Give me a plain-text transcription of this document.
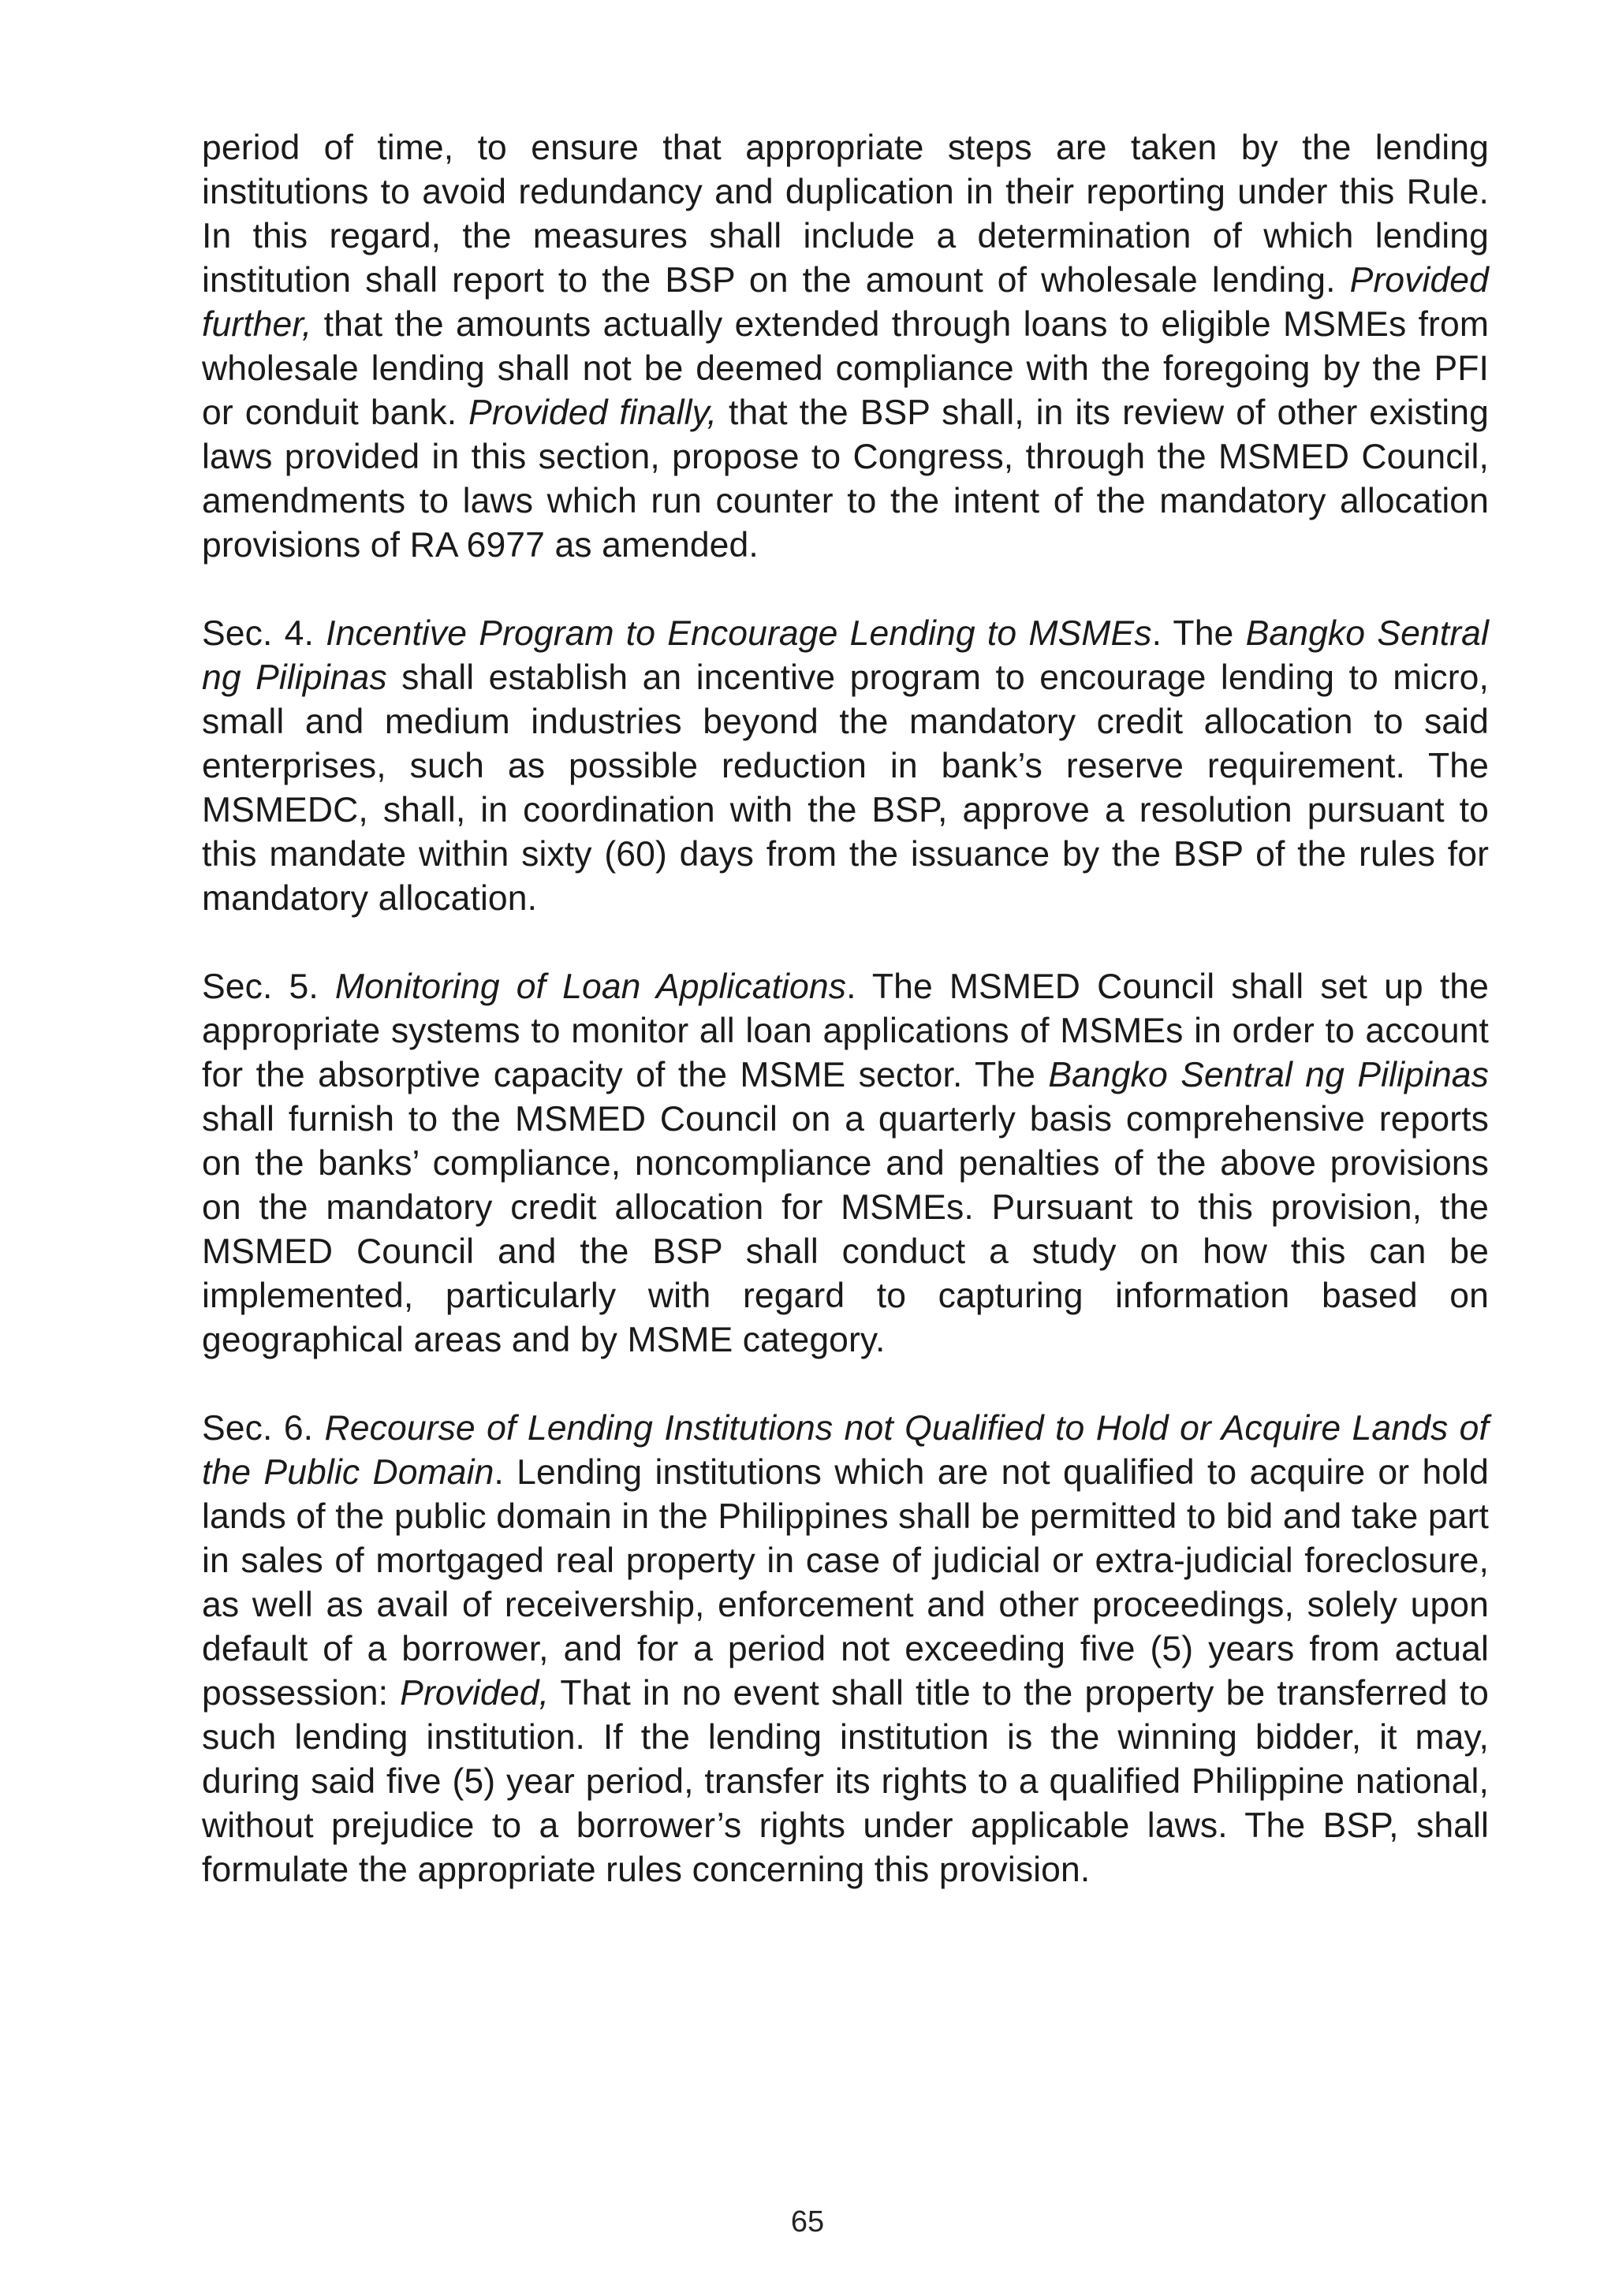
period of time, to ensure that appropriate steps are taken by the lending institutions to avoid redundancy and duplication in their reporting under this Rule. In this regard, the measures shall include a determination of which lending institution shall report to the BSP on the amount of wholesale lending. Provided further, that the amounts actually extended through loans to eligible MSMEs from wholesale lending shall not be deemed compliance with the foregoing by the PFI or conduit bank. Provided finally, that the BSP shall, in its review of other existing laws provided in this section, propose to Congress, through the MSMED Council, amendments to laws which run counter to the intent of the mandatory allocation provisions of RA 6977 as amended.

Sec. 4. Incentive Program to Encourage Lending to MSMEs. The Bangko Sentral ng Pilipinas shall establish an incentive program to encourage lending to micro, small and medium industries beyond the mandatory credit allocation to said enterprises, such as possible reduction in bank’s reserve requirement. The MSMEDC, shall, in coordination with the BSP, approve a resolution pursuant to this mandate within sixty (60) days from the issuance by the BSP of the rules for mandatory allocation.

Sec. 5. Monitoring of Loan Applications. The MSMED Council shall set up the appropriate systems to monitor all loan applications of MSMEs in order to account for the absorptive capacity of the MSME sector. The Bangko Sentral ng Pilipinas shall furnish to the MSMED Council on a quarterly basis comprehensive reports on the banks’ compliance, noncompliance and penalties of the above provisions on the mandatory credit allocation for MSMEs. Pursuant to this provision, the MSMED Council and the BSP shall conduct a study on how this can be implemented, particularly with regard to capturing information based on geographical areas and by MSME category.

Sec. 6. Recourse of Lending Institutions not Qualified to Hold or Acquire Lands of the Public Domain. Lending institutions which are not qualified to acquire or hold lands of the public domain in the Philippines shall be permitted to bid and take part in sales of mortgaged real property in case of judicial or extra-judicial foreclosure, as well as avail of receivership, enforcement and other proceedings, solely upon default of a borrower, and for a period not exceeding five (5) years from actual possession: Provided, That in no event shall title to the property be transferred to such lending institution. If the lending institution is the winning bidder, it may, during said five (5) year period, transfer its rights to a qualified Philippine national, without prejudice to a borrower’s rights under applicable laws. The BSP, shall formulate the appropriate rules concerning this provision.

65
